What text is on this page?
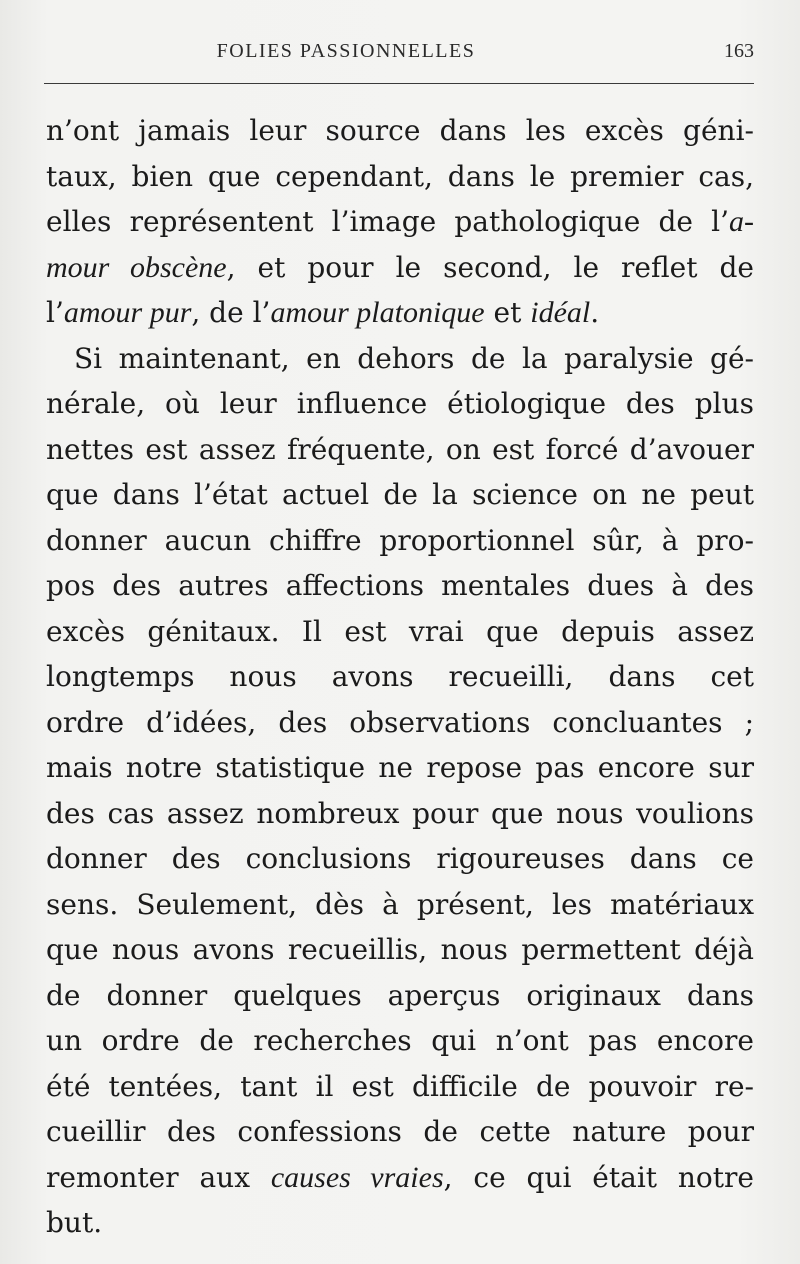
FOLIES PASSIONNELLES	163
n’ont jamais leur source dans les excès géni-
taux, bien que cependant, dans le premier cas,
elles représentent l’image pathologique de l’a-
mour obscène, et pour le second, le reflet de
l’amour pur, de l’amour platonique et idéal.
Si maintenant, en dehors de la paralysie gé-
nérale, où leur influence étiologique des plus
nettes est assez fréquente, on est forcé d’avouer
que dans l’état actuel de la science on ne peut
donner aucun chiffre proportionnel sûr, à pro-
pos des autres affections mentales dues à des
excès génitaux. Il est vrai que depuis assez
longtemps nous avons recueilli, dans cet
ordre d’idées, des observations concluantes ;
mais notre statistique ne repose pas encore sur
des cas assez nombreux pour que nous voulions
donner des conclusions rigoureuses dans ce
sens. Seulement, dès à présent, les matériaux
que nous avons recueillis, nous permettent déjà
de donner quelques aperçus originaux dans
un ordre de recherches qui n’ont pas encore
été tentées, tant il est difficile de pouvoir re-
cueillir des confessions de cette nature pour
remonter aux causes vraies, ce qui était notre
but.
